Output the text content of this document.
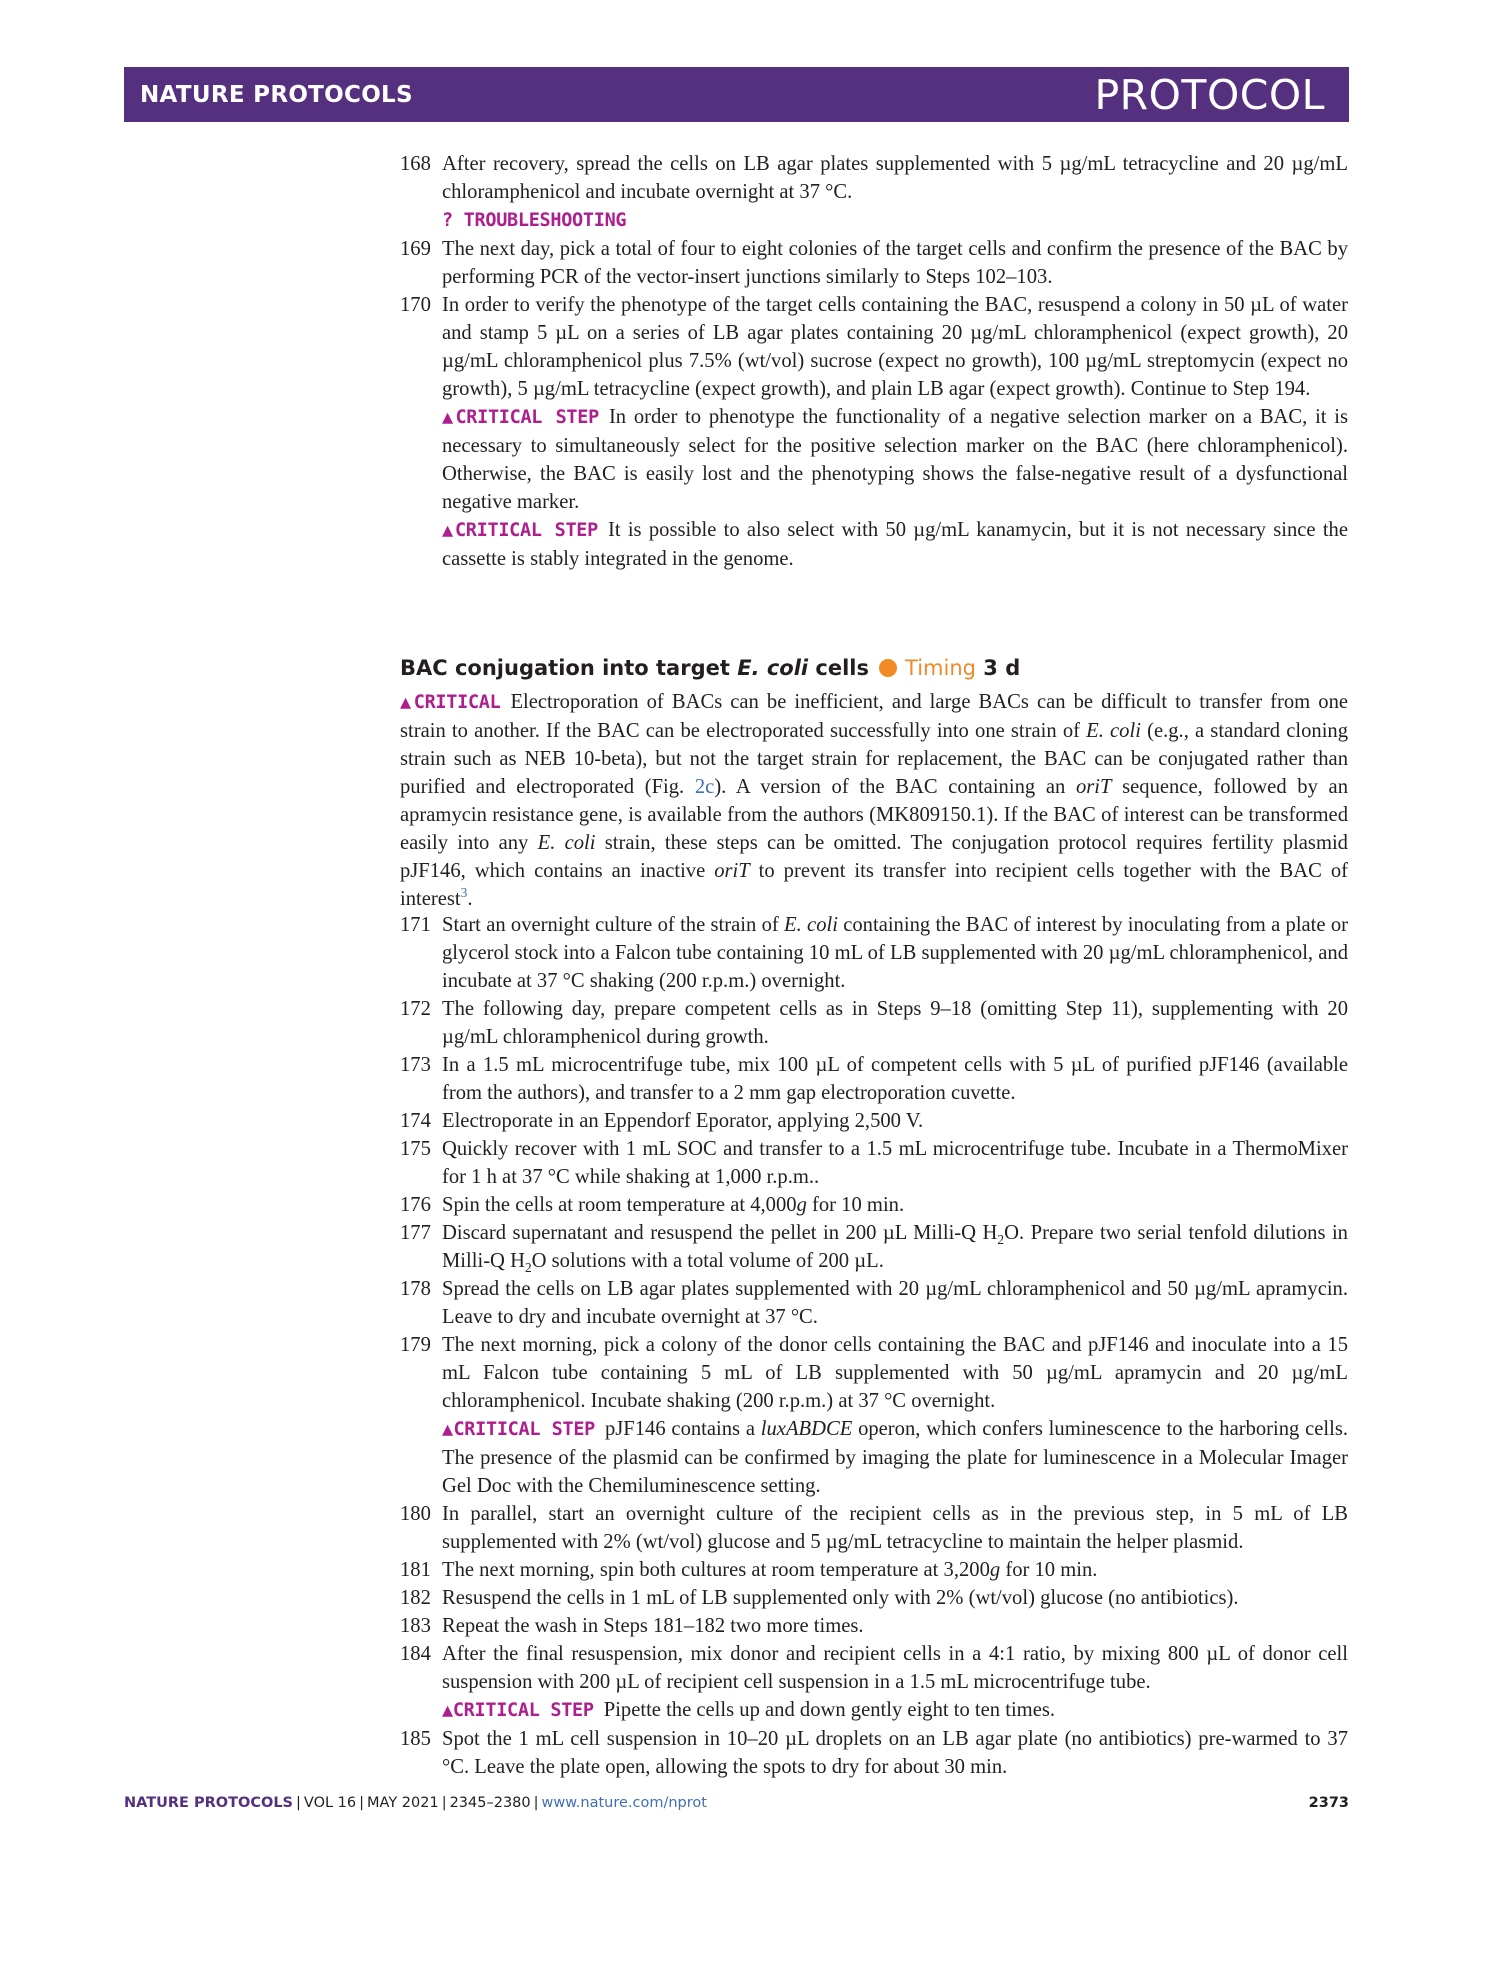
NATURE PROTOCOLS	PROTOCOL
168 After recovery, spread the cells on LB agar plates supplemented with 5 µg/mL tetracycline and 20 µg/mL chloramphenicol and incubate overnight at 37 °C.
? TROUBLESHOOTING
169 The next day, pick a total of four to eight colonies of the target cells and confirm the presence of the BAC by performing PCR of the vector-insert junctions similarly to Steps 102–103.
170 In order to verify the phenotype of the target cells containing the BAC, resuspend a colony in 50 µL of water and stamp 5 µL on a series of LB agar plates containing 20 µg/mL chloramphenicol (expect growth), 20 µg/mL chloramphenicol plus 7.5% (wt/vol) sucrose (expect no growth), 100 µg/mL streptomycin (expect no growth), 5 µg/mL tetracycline (expect growth), and plain LB agar (expect growth). Continue to Step 194.
▲CRITICAL STEP In order to phenotype the functionality of a negative selection marker on a BAC, it is necessary to simultaneously select for the positive selection marker on the BAC (here chloramphenicol). Otherwise, the BAC is easily lost and the phenotyping shows the false-negative result of a dysfunctional negative marker.
▲CRITICAL STEP It is possible to also select with 50 µg/mL kanamycin, but it is not necessary since the cassette is stably integrated in the genome.
BAC conjugation into target E. coli cells Timing 3 d
▲CRITICAL Electroporation of BACs can be inefficient, and large BACs can be difficult to transfer from one strain to another. If the BAC can be electroporated successfully into one strain of E. coli (e.g., a standard cloning strain such as NEB 10-beta), but not the target strain for replacement, the BAC can be conjugated rather than purified and electroporated (Fig. 2c). A version of the BAC containing an oriT sequence, followed by an apramycin resistance gene, is available from the authors (MK809150.1). If the BAC of interest can be transformed easily into any E. coli strain, these steps can be omitted. The conjugation protocol requires fertility plasmid pJF146, which contains an inactive oriT to prevent its transfer into recipient cells together with the BAC of interest$^3$.
171 Start an overnight culture of the strain of E. coli containing the BAC of interest by inoculating from a plate or glycerol stock into a Falcon tube containing 10 mL of LB supplemented with 20 µg/mL chloramphenicol, and incubate at 37 °C shaking (200 r.p.m.) overnight.
172 The following day, prepare competent cells as in Steps 9–18 (omitting Step 11), supplementing with 20 µg/mL chloramphenicol during growth.
173 In a 1.5 mL microcentrifuge tube, mix 100 µL of competent cells with 5 µL of purified pJF146 (available from the authors), and transfer to a 2 mm gap electroporation cuvette.
174 Electroporate in an Eppendorf Eporator, applying 2,500 V.
175 Quickly recover with 1 mL SOC and transfer to a 1.5 mL microcentrifuge tube. Incubate in a ThermoMixer for 1 h at 37 °C while shaking at 1,000 r.p.m..
176 Spin the cells at room temperature at 4,000g for 10 min.
177 Discard supernatant and resuspend the pellet in 200 µL Milli-Q $H_2O$. Prepare two serial tenfold dilutions in Milli-Q $H_2O$ solutions with a total volume of 200 µL.
178 Spread the cells on LB agar plates supplemented with 20 µg/mL chloramphenicol and 50 µg/mL apramycin. Leave to dry and incubate overnight at 37 °C.
179 The next morning, pick a colony of the donor cells containing the BAC and pJF146 and inoculate into a 15 mL Falcon tube containing 5 mL of LB supplemented with 50 µg/mL apramycin and 20 µg/mL chloramphenicol. Incubate shaking (200 r.p.m.) at 37 °C overnight.
▲CRITICAL STEP pJF146 contains a luxABDCE operon, which confers luminescence to the harboring cells. The presence of the plasmid can be confirmed by imaging the plate for luminescence in a Molecular Imager Gel Doc with the Chemiluminescence setting.
180 In parallel, start an overnight culture of the recipient cells as in the previous step, in 5 mL of LB supplemented with 2% (wt/vol) glucose and 5 µg/mL tetracycline to maintain the helper plasmid.
181 The next morning, spin both cultures at room temperature at 3,200g for 10 min.
182 Resuspend the cells in 1 mL of LB supplemented only with 2% (wt/vol) glucose (no antibiotics).
183 Repeat the wash in Steps 181–182 two more times.
184 After the final resuspension, mix donor and recipient cells in a 4:1 ratio, by mixing 800 µL of donor cell suspension with 200 µL of recipient cell suspension in a 1.5 mL microcentrifuge tube.
▲CRITICAL STEP Pipette the cells up and down gently eight to ten times.
185 Spot the 1 mL cell suspension in 10–20 µL droplets on an LB agar plate (no antibiotics) pre-warmed to 37 °C. Leave the plate open, allowing the spots to dry for about 30 min.
NATURE PROTOCOLS | VOL 16 | MAY 2021 | 2345–2380 | www.nature.com/nprot	2373
